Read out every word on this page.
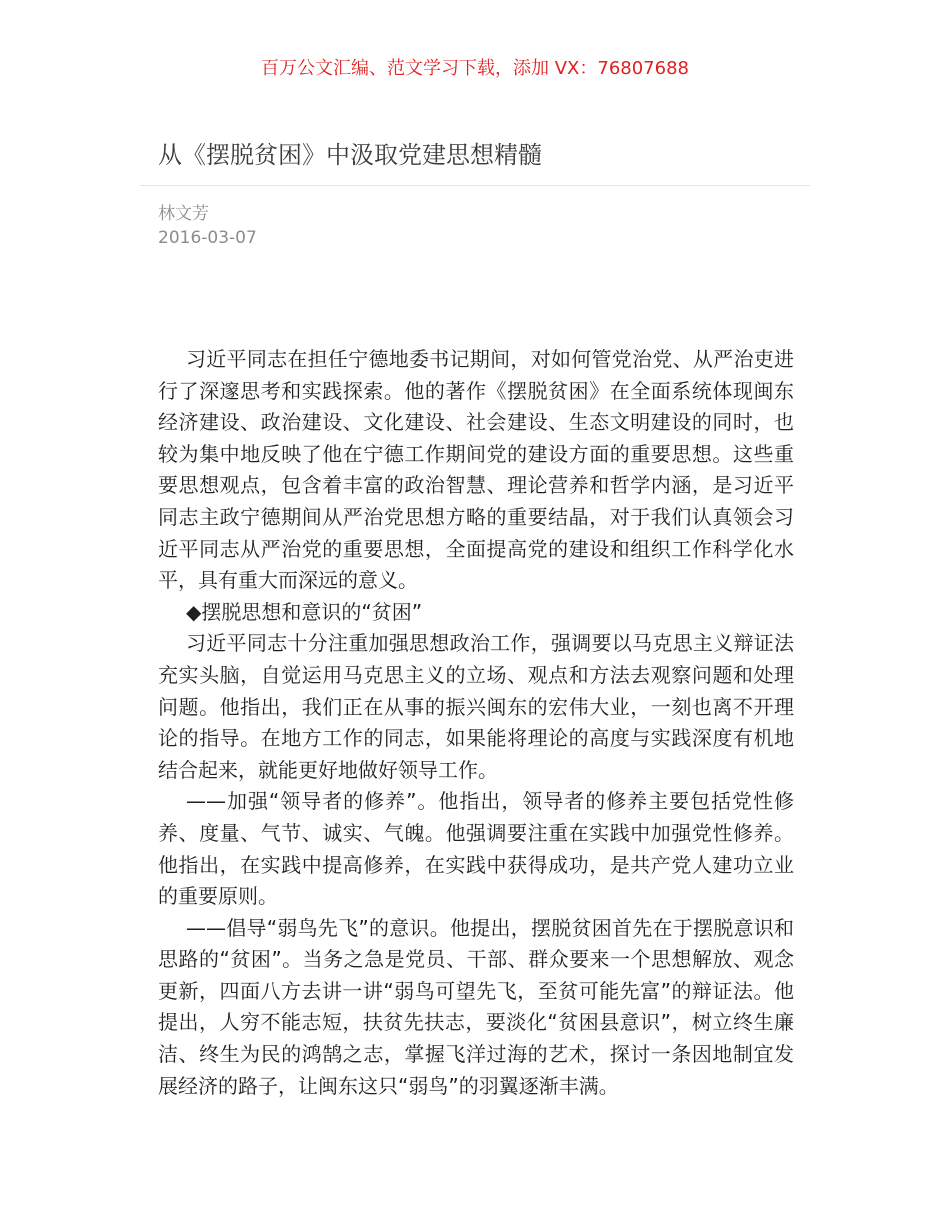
百万公文汇编、范文学习下载，添加 VX：76807688
从《摆脱贫困》中汲取党建思想精髓
林文芳
2016-03-07

习近平同志在担任宁德地委书记期间，对如何管党治党、从严治吏进行了深邃思考和实践探索。他的著作《摆脱贫困》在全面系统体现闽东经济建设、政治建设、文化建设、社会建设、生态文明建设的同时，也较为集中地反映了他在宁德工作期间党的建设方面的重要思想。这些重要思想观点，包含着丰富的政治智慧、理论营养和哲学内涵，是习近平同志主政宁德期间从严治党思想方略的重要结晶，对于我们认真领会习近平同志从严治党的重要思想，全面提高党的建设和组织工作科学化水平，具有重大而深远的意义。

◆摆脱思想和意识的“贫困”

习近平同志十分注重加强思想政治工作，强调要以马克思主义辩证法充实头脑，自觉运用马克思主义的立场、观点和方法去观察问题和处理问题。他指出，我们正在从事的振兴闽东的宏伟大业，一刻也离不开理论的指导。在地方工作的同志，如果能将理论的高度与实践深度有机地结合起来，就能更好地做好领导工作。

——加强“领导者的修养”。他指出，领导者的修养主要包括党性修养、度量、气节、诚实、气魄。他强调要注重在实践中加强党性修养。他指出，在实践中提高修养，在实践中获得成功，是共产党人建功立业的重要原则。

——倡导“弱鸟先飞”的意识。他提出，摆脱贫困首先在于摆脱意识和思路的“贫困”。当务之急是党员、干部、群众要来一个思想解放、观念更新，四面八方去讲一讲“弱鸟可望先飞，至贫可能先富”的辩证法。他提出，人穷不能志短，扶贫先扶志，要淡化“贫困县意识”，树立终生廉洁、终生为民的鸿鹄之志，掌握飞洋过海的艺术，探讨一条因地制宜发展经济的路子，让闽东这只“弱鸟”的羽翼逐渐丰满。
